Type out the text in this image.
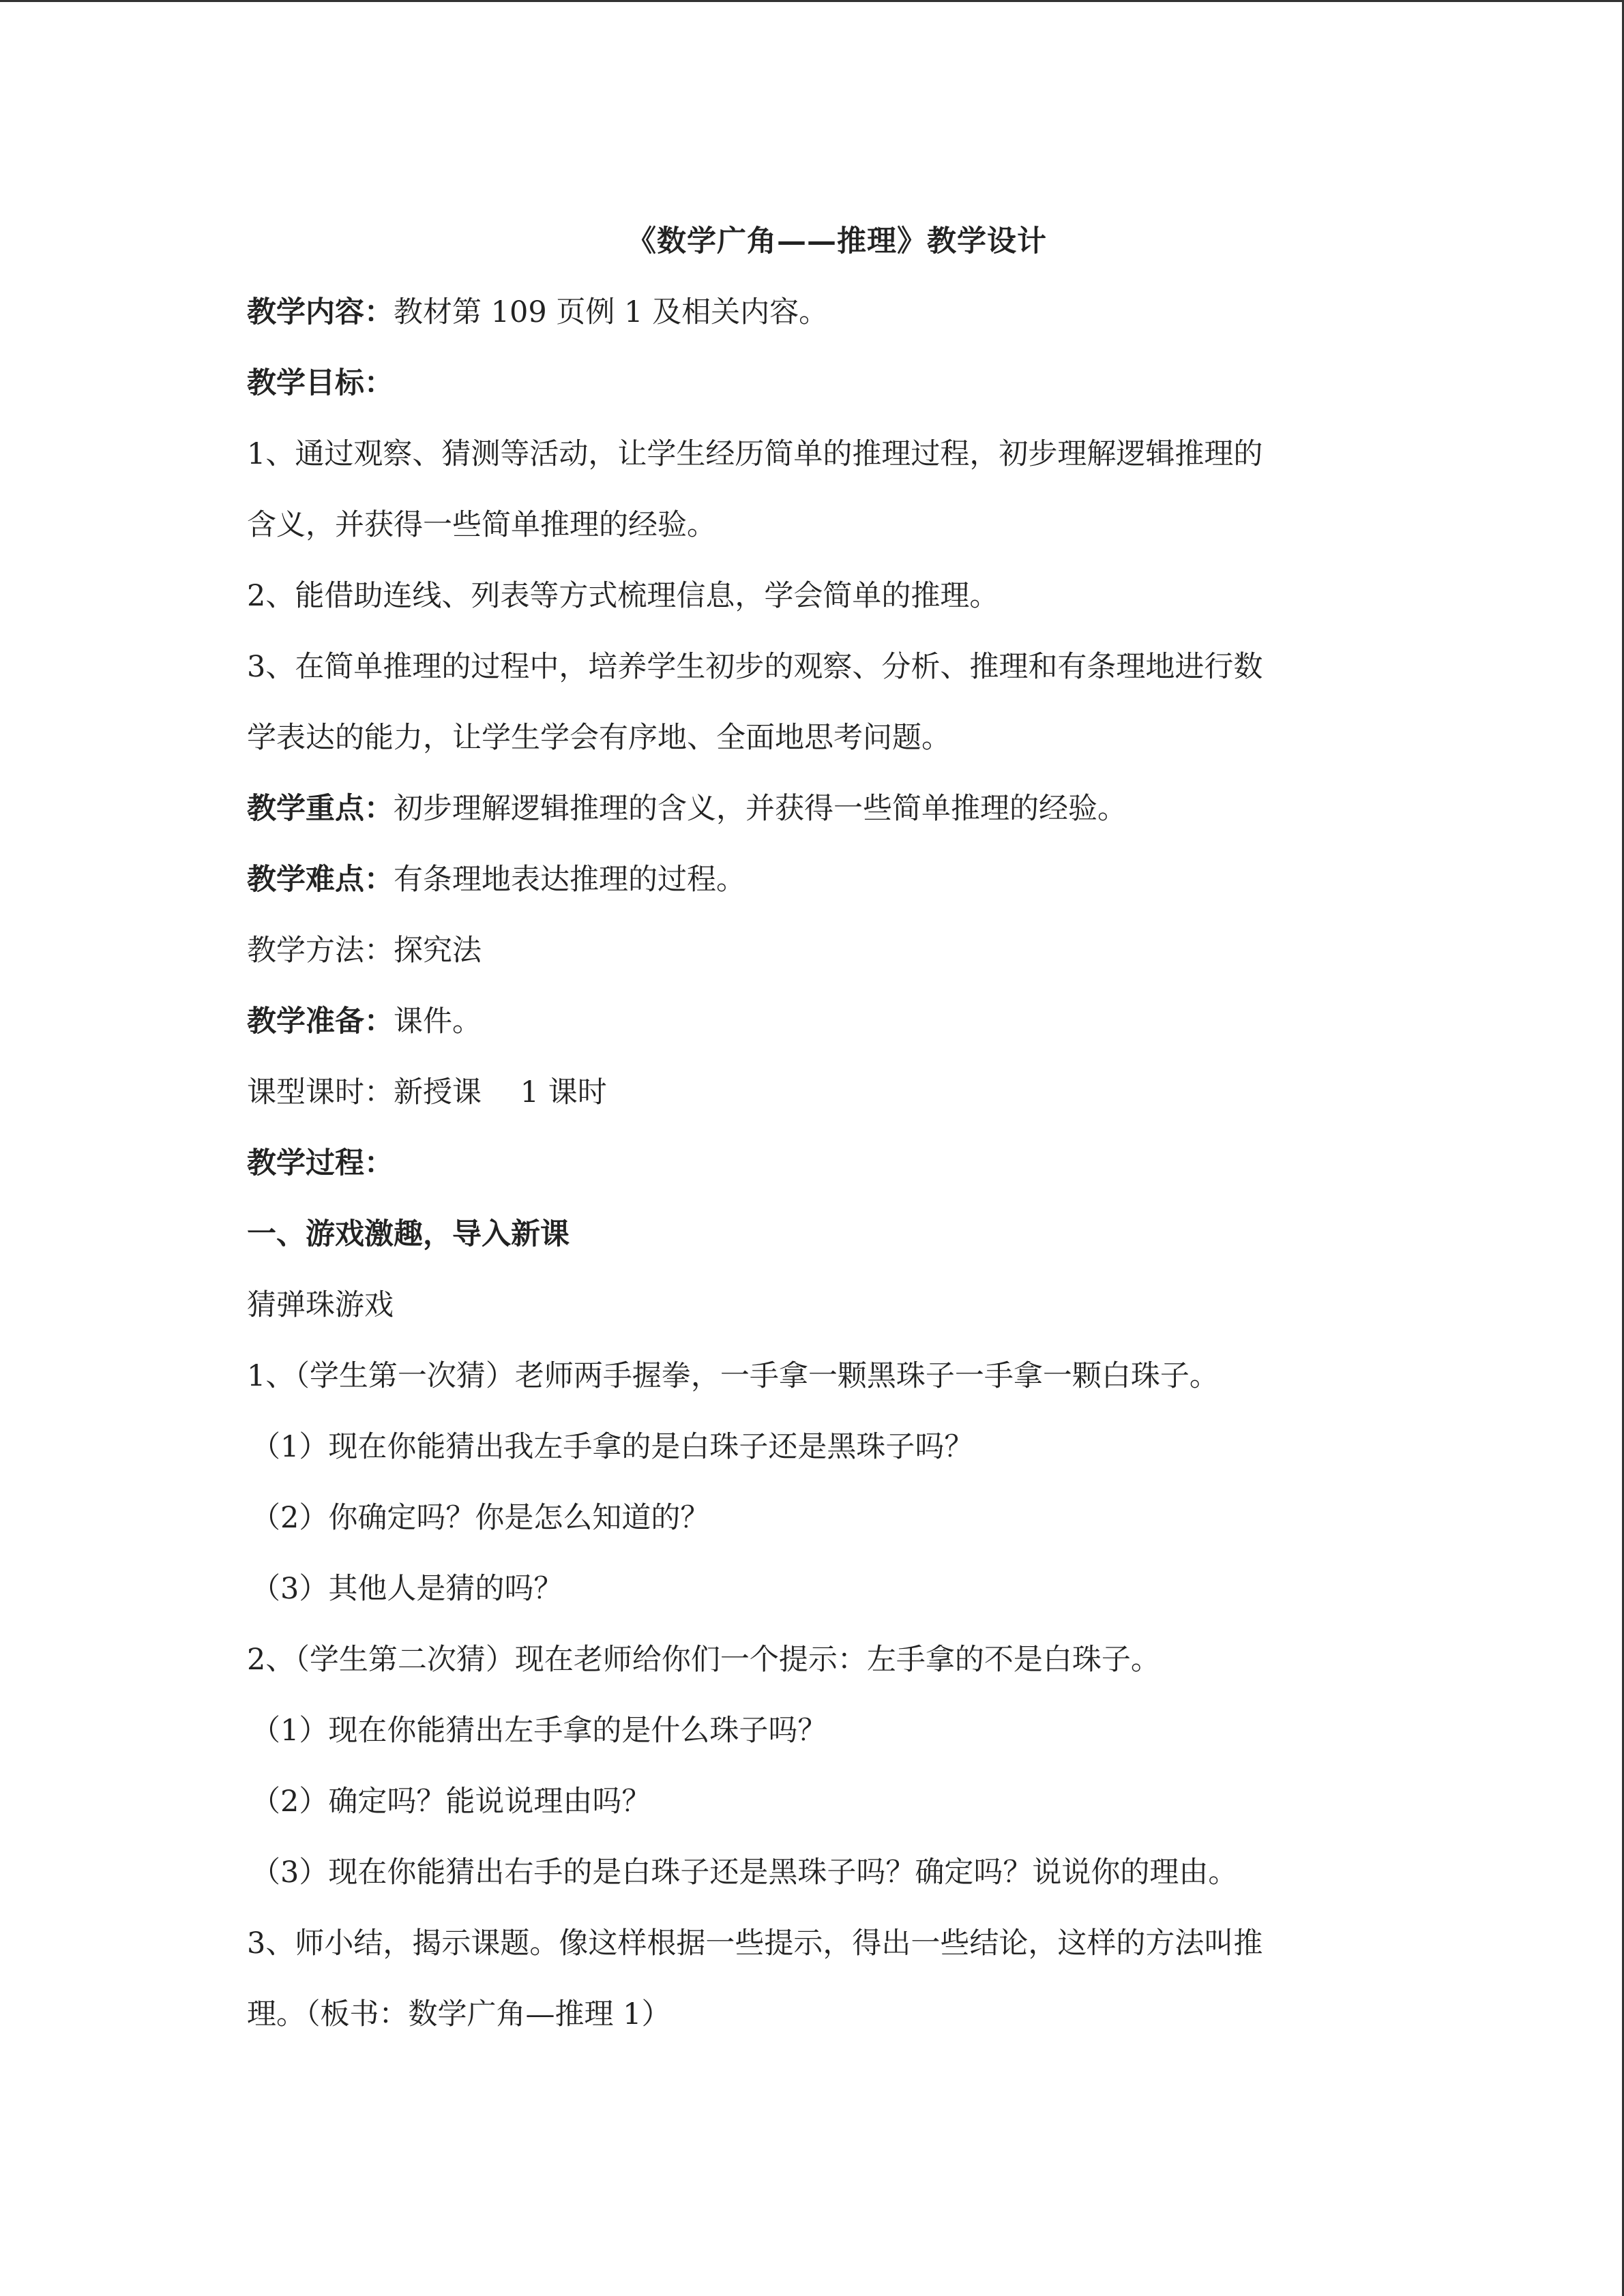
《数学广角——推理》教学设计
教学内容：教材第 109 页例 1 及相关内容。
教学目标：
1、通过观察、猜测等活动，让学生经历简单的推理过程，初步理解逻辑推理的
含义，并获得一些简单推理的经验。
2、能借助连线、列表等方式梳理信息，学会简单的推理。
3、在简单推理的过程中，培养学生初步的观察、分析、推理和有条理地进行数
学表达的能力，让学生学会有序地、全面地思考问题。
教学重点：初步理解逻辑推理的含义，并获得一些简单推理的经验。
教学难点：有条理地表达推理的过程。
教学方法：探究法
教学准备：课件。
课型课时：新授课　 1 课时
教学过程：
一、游戏激趣，导入新课
猜弹珠游戏
1、（学生第一次猜）老师两手握拳，一手拿一颗黑珠子一手拿一颗白珠子。
（1）现在你能猜出我左手拿的是白珠子还是黑珠子吗？
（2）你确定吗？你是怎么知道的？
（3）其他人是猜的吗？
2、（学生第二次猜）现在老师给你们一个提示：左手拿的不是白珠子。
（1）现在你能猜出左手拿的是什么珠子吗？
（2）确定吗？能说说理由吗？
（3）现在你能猜出右手的是白珠子还是黑珠子吗？确定吗？说说你的理由。
3、师小结，揭示课题。像这样根据一些提示，得出一些结论，这样的方法叫推
理。（板书：数学广角—推理 1）
